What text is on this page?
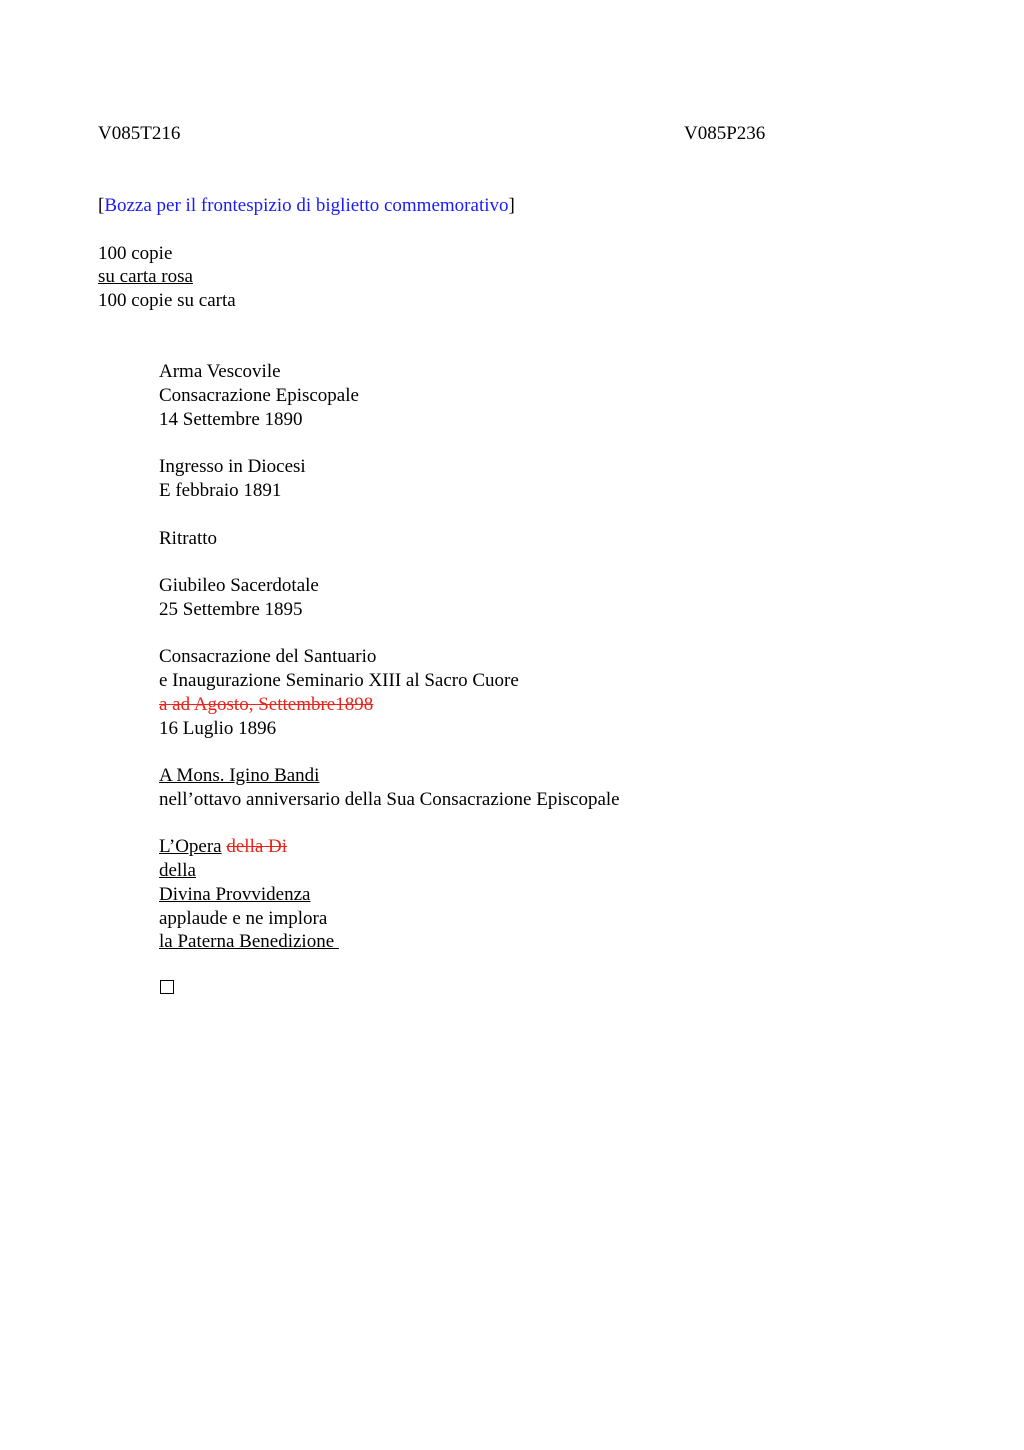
V085T216	V085P236
[Bozza per il frontespizio di biglietto commemorativo]
100 copie
su carta rosa
100 copie su carta
Arma Vescovile
Consacrazione Episcopale
14 Settembre 1890
Ingresso in Diocesi
E febbraio 1891
Ritratto
Giubileo Sacerdotale
25 Settembre 1895
Consacrazione del Santuario
e Inaugurazione Seminario XIII al Sacro Cuore
a ad Agosto, Settembre1898
16 Luglio 1896
A Mons. Igino Bandi
nell’ottavo anniversario della Sua Consacrazione Episcopale
L’Opera della Di
della
Divina Provvidenza
applaude e ne implora
la Paterna Benedizione
